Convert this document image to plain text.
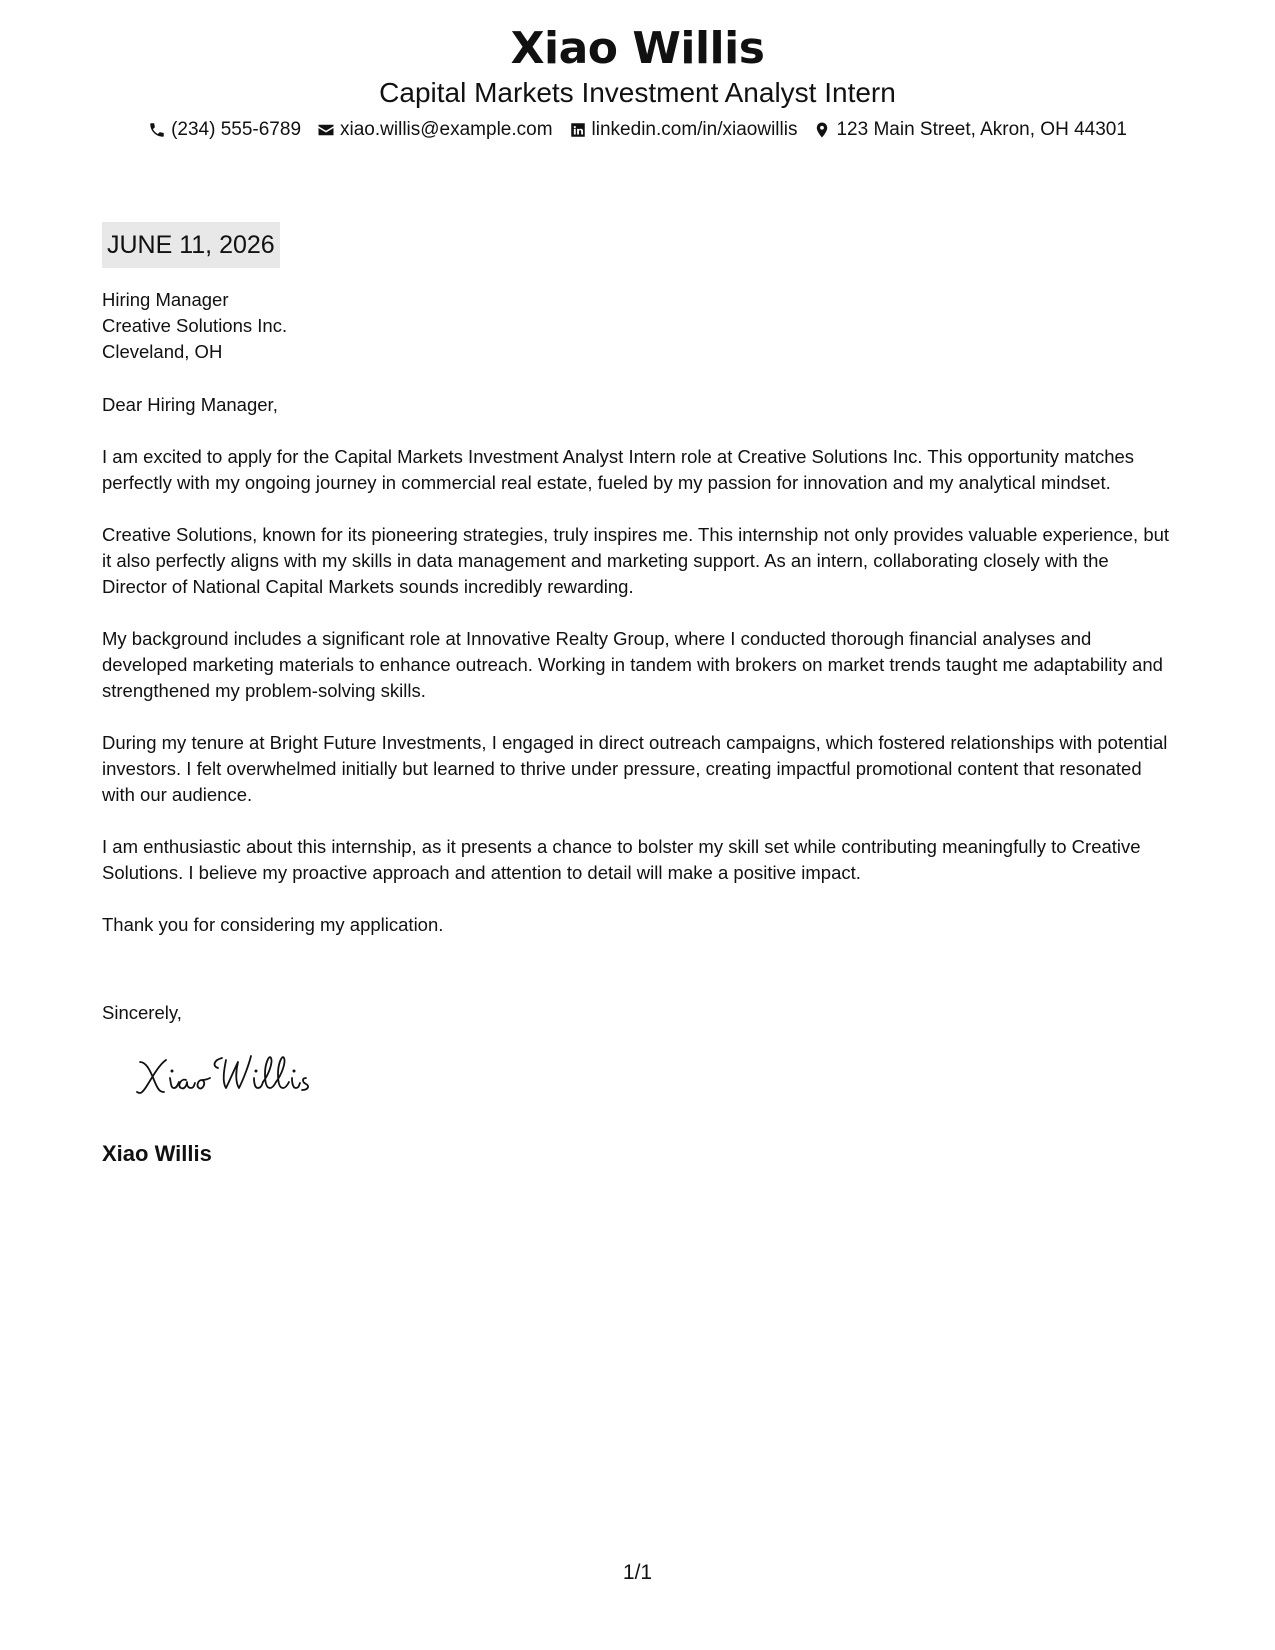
Xiao Willis
Capital Markets Investment Analyst Intern
(234) 555-6789 xiao.willis@example.com linkedin.com/in/xiaowillis 123 Main Street, Akron, OH 44301
JUNE 11, 2026
Hiring Manager
Creative Solutions Inc.
Cleveland, OH

Dear Hiring Manager,

I am excited to apply for the Capital Markets Investment Analyst Intern role at Creative Solutions Inc. This opportunity matches perfectly with my ongoing journey in commercial real estate, fueled by my passion for innovation and my analytical mindset.

Creative Solutions, known for its pioneering strategies, truly inspires me. This internship not only provides valuable experience, but it also perfectly aligns with my skills in data management and marketing support. As an intern, collaborating closely with the Director of National Capital Markets sounds incredibly rewarding.

My background includes a significant role at Innovative Realty Group, where I conducted thorough financial analyses and developed marketing materials to enhance outreach. Working in tandem with brokers on market trends taught me adaptability and strengthened my problem-solving skills.

During my tenure at Bright Future Investments, I engaged in direct outreach campaigns, which fostered relationships with potential investors. I felt overwhelmed initially but learned to thrive under pressure, creating impactful promotional content that resonated with our audience.

I am enthusiastic about this internship, as it presents a chance to bolster my skill set while contributing meaningfully to Creative Solutions. I believe my proactive approach and attention to detail will make a positive impact.

Thank you for considering my application.

Sincerely,
Xiao Willis
1/1
